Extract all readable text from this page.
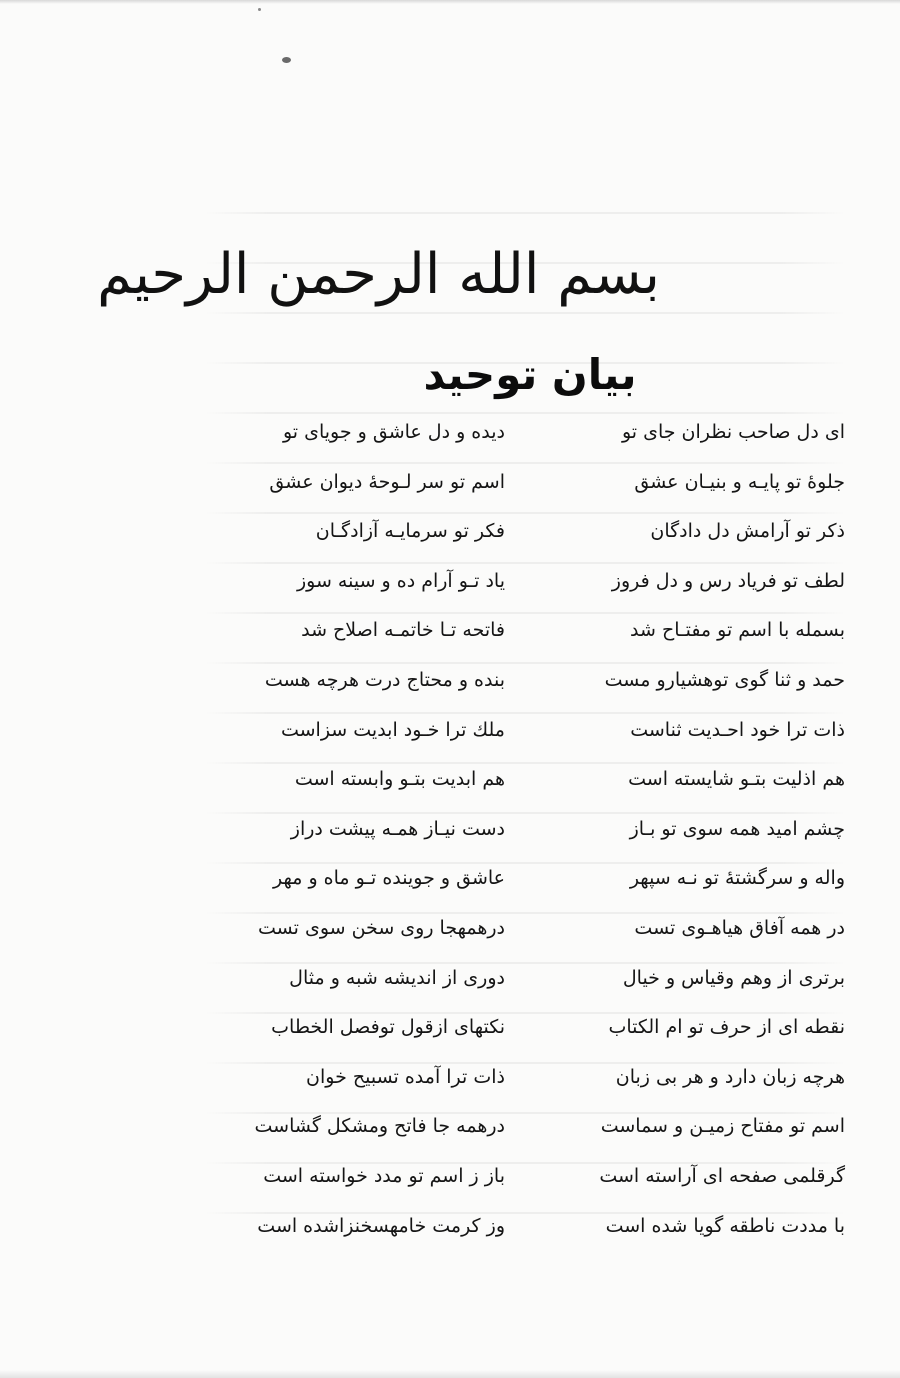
بسم الله الرحمن الرحیم
بیان توحید
ای دل صاحب نظران جای تو
دیده و دل عاشق و جویای تو
جلوهٔ تو پایـه و بنیـان عشق
اسم تو سر لـوحهٔ دیوان عشق
ذکر تو آرامش دل دادگان
فکر تو سرمایـه آزادگـان
لطف تو فریاد رس و دل فروز
یاد تـو آرام ده و سینه سوز
بسمله با اسم تو مفتـاح شد
فاتحه تـا خاتمـه اصلاح شد
حمد و ثنا گوی توهشیارو مست
بنده و محتاج درت هرچه هست
ذات ترا خود احـدیت ثناست
ملك ترا خـود ابدیت سزاست
هم اذلیت بتـو شایسته است
هم ابدیت بتـو وابسته است
چشم امید همه سوی تو بـاز
دست نیـاز همـه پیشت دراز
واله و سرگشتهٔ تو نـه سپهر
عاشق و جوینده تـو ماه و مهر
در همه آفاق هیاهـوی تست
درهمهجا روی سخن سوی تست
برتری از وهم وقیاس و خیال
دوری از اندیشه شبه و مثال
نقطه ای از حرف تو ام الکتاب
نکتهای ازقول توفصل الخطاب
هرچه زبان دارد و هر بی زبان
ذات ترا آمده تسبیح خوان
اسم تو مفتاح زمیـن و سماست
درهمه جا فاتح ومشکل گشاست
گرقلمی صفحه ای آراسته است
باز ز اسم تو مدد خواسته است
با مددت ناطقه گویا شده است
وز کرمت خامهسخنزاشده است
